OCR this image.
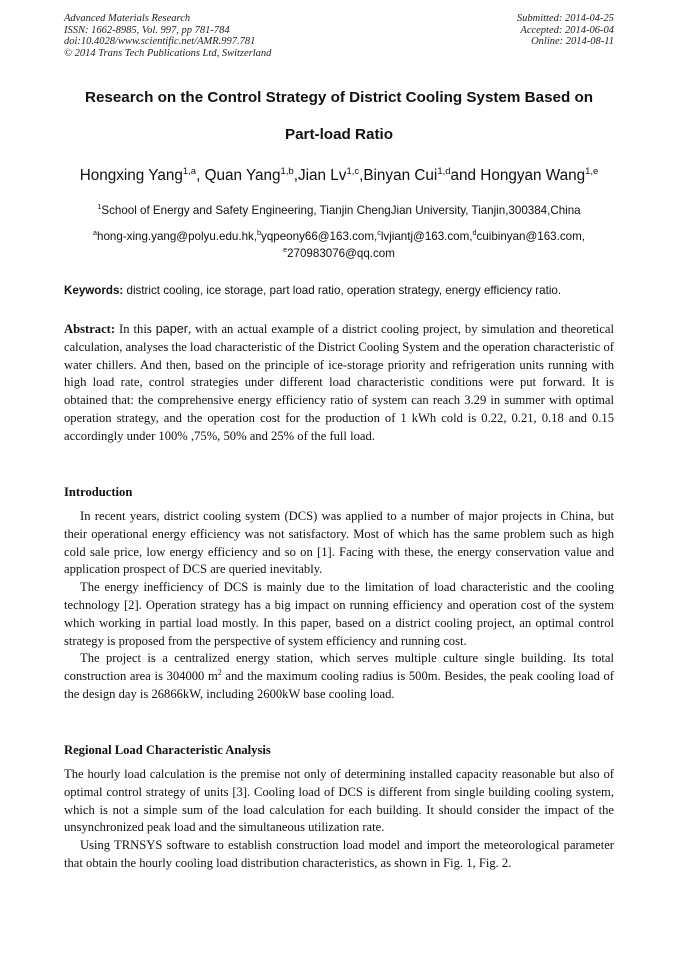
Advanced Materials Research
ISSN: 1662-8985, Vol. 997, pp 781-784
doi:10.4028/www.scientific.net/AMR.997.781
© 2014 Trans Tech Publications Ltd, Switzerland
Submitted: 2014-04-25
Accepted: 2014-06-04
Online: 2014-08-11
Research on the Control Strategy of District Cooling System Based on
Part-load Ratio
Hongxing Yang$^{1,a}$, Quan Yang$^{1,b}$,Jian Lv$^{1,c}$,Binyan Cui$^{1,d}$and Hongyan Wang$^{1,e}$
$^1$School of Energy and Safety Engineering, Tianjin ChengJian University, Tianjin,300384,China
$^a$hong-xing.yang@polyu.edu.hk,$^b$yqpeony66@163.com,$^c$lvjiantj@163.com,$^d$cuibinyan@163.com,
$^e$270983076@qq.com
Keywords: district cooling, ice storage, part load ratio, operation strategy, energy efficiency ratio.

Abstract: In this paper, with an actual example of a district cooling project, by simulation and theoretical calculation, analyses the load characteristic of the District Cooling System and the operation characteristic of water chillers. And then, based on the principle of ice-storage priority and refrigeration units running with high load rate, control strategies under different load characteristic conditions were put forward. It is obtained that: the comprehensive energy efficiency ratio of system can reach 3.29 in summer with optimal operation strategy, and the operation cost for the production of 1 kWh cold is 0.22, 0.21, 0.18 and 0.15 accordingly under 100% ,75%, 50% and 25% of the full load.

Introduction

In recent years, district cooling system (DCS) was applied to a number of major projects in China, but their operational energy efficiency was not satisfactory. Most of which has the same problem such as high cold sale price, low energy efficiency and so on [1]. Facing with these, the energy conservation value and application prospect of DCS are queried inevitably.

The energy inefficiency of DCS is mainly due to the limitation of load characteristic and the cooling technology [2]. Operation strategy has a big impact on running efficiency and operation cost of the system which working in partial load mostly. In this paper, based on a district cooling project, an optimal control strategy is proposed from the perspective of system efficiency and running cost.

The project is a centralized energy station, which serves multiple culture single building. Its total construction area is 304000 $m^2$ and the maximum cooling radius is 500m. Besides, the peak cooling load of the design day is 26866kW, including 2600kW base cooling load.

Regional Load Characteristic Analysis

The hourly load calculation is the premise not only of determining installed capacity reasonable but also of optimal control strategy of units [3]. Cooling load of DCS is different from single building cooling system, which is not a simple sum of the load calculation for each building. It should consider the impact of the unsynchronized peak load and the simultaneous utilization rate.

Using TRNSYS software to establish construction load model and import the meteorological parameter that obtain the hourly cooling load distribution characteristics, as shown in Fig. 1, Fig. 2.
